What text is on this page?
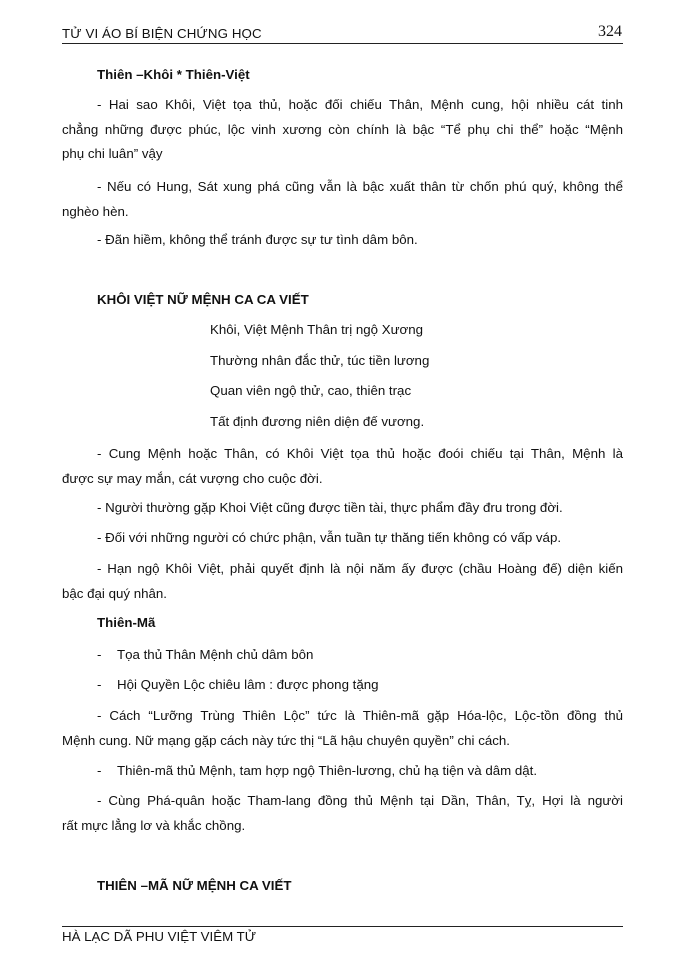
TỬ VI ÁO BÍ BIỆN CHỨNG HỌC	324
Thiên –Khôi * Thiên-Việt
- Hai sao Khôi, Việt tọa thủ, hoặc đối chiếu Thân, Mệnh cung, hội nhiều cát tinh
chẳng những được phúc, lộc vinh xương còn chính là bậc “Tể phụ chi thể” hoặc “Mệnh
phụ chi luân” vậy
- Nếu có Hung, Sát xung phá cũng vẫn là bậc xuất thân từ chốn phú quý, không thể
nghèo hèn.
- Đãn hiềm, không thể tránh được sự tư tình dâm bôn.
KHÔI VIỆT NỮ MỆNH CA CA VIẾT
Khôi, Việt Mệnh Thân trị ngộ Xương
Thường nhân đắc thử, túc tiền lương
Quan viên ngộ thử, cao, thiên trạc
Tất định đương niên diện đế vương.
- Cung Mệnh hoặc Thân, có Khôi Việt tọa thủ hoặc đoói chiếu tại Thân, Mệnh là
được sự may mắn, cát vượng cho cuộc đời.
- Người thường gặp Khoi Việt cũng được tiền tài, thực phẩm đầy đru trong đời.
- Đối với những người có chức phận, vẫn tuần tự thăng tiến không có vấp váp.
- Hạn ngộ Khôi Việt, phải quyết định là nội năm ấy được (chầu Hoàng đế) diện kiến
bậc đại quý nhân.
Thiên-Mã
- Tọa thủ Thân Mệnh chủ dâm bôn
- Hội Quyền Lộc chiêu lâm : được phong tặng
- Cách “Lưỡng Trùng Thiên Lộc” tức là Thiên-mã gặp Hóa-lộc, Lộc-tồn đồng thủ
Mệnh cung. Nữ mạng gặp cách này tức thị “Lã hậu chuyên quyền” chi cách.
- Thiên-mã thủ Mệnh, tam hợp ngộ Thiên-lương, chủ hạ tiện và dâm dật.
- Cùng Phá-quân hoặc Tham-lang đồng thủ Mệnh tại Dần, Thân, Tỵ, Hợi là người
rất mực lẳng lơ và khắc chồng.
THIÊN –MÃ NỮ MỆNH CA VIẾT
HÀ LẠC DÃ PHU VIỆT VIÊM TỬ
